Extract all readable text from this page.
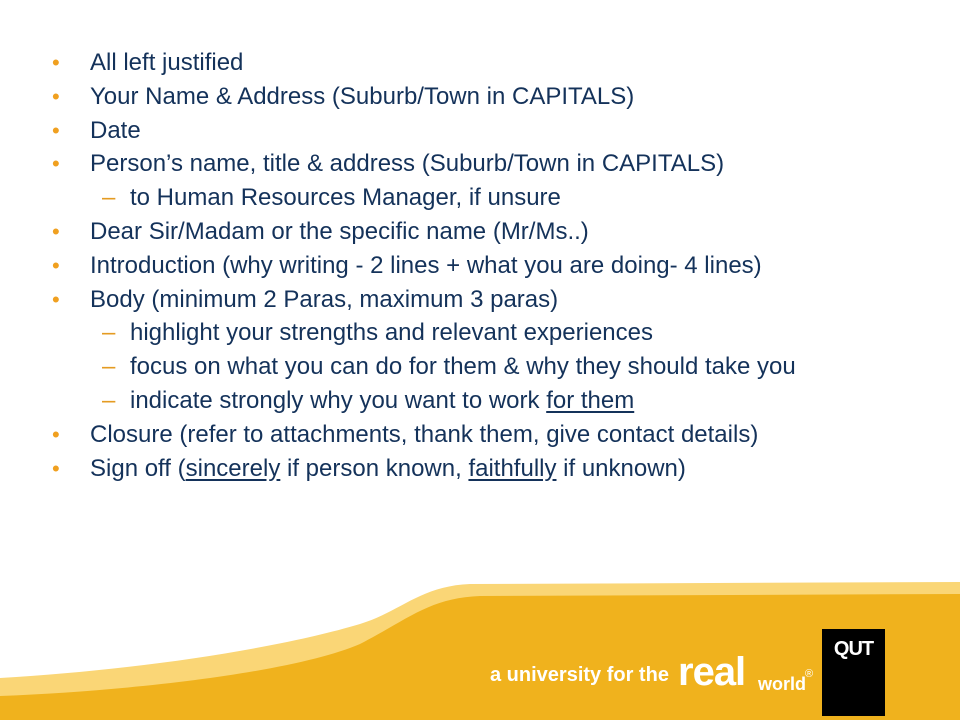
• All left justified
• Your Name & Address (Suburb/Town in CAPITALS)
• Date
• Person’s name, title & address (Suburb/Town in CAPITALS)
– to Human Resources Manager, if unsure
• Dear Sir/Madam or the specific name (Mr/Ms..)
• Introduction (why writing - 2 lines + what you are doing- 4 lines)
• Body (minimum 2 Paras, maximum 3 paras)
– highlight your strengths and relevant experiences
– focus on what you can do for them & why they should take you
– indicate strongly why you want to work for them
• Closure (refer to attachments, thank them, give contact details)
• Sign off (sincerely if person known, faithfully if unknown)
a university for the real world ®
QUT
